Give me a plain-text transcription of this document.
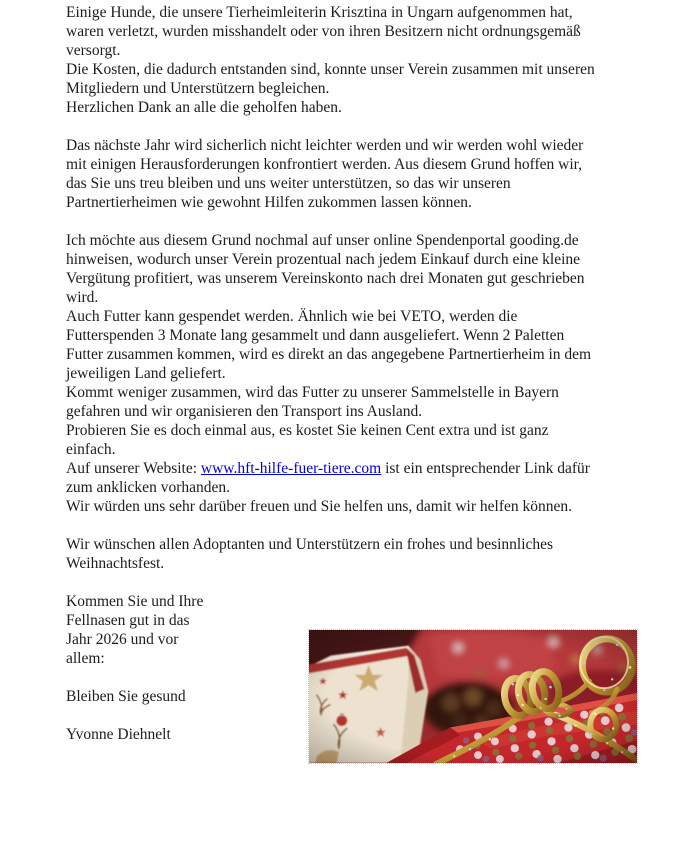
Einige Hunde, die unsere Tierheimleiterin Krisztina in Ungarn aufgenommen hat,
waren verletzt, wurden misshandelt oder von ihren Besitzern nicht ordnungsgemäß
versorgt.
Die Kosten, die dadurch entstanden sind, konnte unser Verein zusammen mit unseren
Mitgliedern und Unterstützern begleichen.
Herzlichen Dank an alle die geholfen haben.
Das nächste Jahr wird sicherlich nicht leichter werden und wir werden wohl wieder
mit einigen Herausforderungen konfrontiert werden. Aus diesem Grund hoffen wir,
das Sie uns treu bleiben und uns weiter unterstützen, so das wir unseren
Partnertierheimen wie gewohnt Hilfen zukommen lassen können.
Ich möchte aus diesem Grund nochmal auf unser online Spendenportal gooding.de
hinweisen, wodurch unser Verein prozentual nach jedem Einkauf durch eine kleine
Vergütung profitiert, was unserem Vereinskonto nach drei Monaten gut geschrieben
wird.
Auch Futter kann gespendet werden. Ähnlich wie bei VETO, werden die
Futterspenden 3 Monate lang gesammelt und dann ausgeliefert. Wenn 2 Paletten
Futter zusammen kommen, wird es direkt an das angegebene Partnertierheim in dem
jeweiligen Land geliefert.
Kommt weniger zusammen, wird das Futter zu unserer Sammelstelle in Bayern
gefahren und wir organisieren den Transport ins Ausland.
Probieren Sie es doch einmal aus, es kostet Sie keinen Cent extra und ist ganz
einfach.
Auf unserer Website: www.hft-hilfe-fuer-tiere.com ist ein entsprechender Link dafür
zum anklicken vorhanden.
Wir würden uns sehr darüber freuen und Sie helfen uns, damit wir helfen können.
Wir wünschen allen Adoptanten und Unterstützern ein frohes und besinnliches
Weihnachtsfest.
Kommen Sie und Ihre
Fellnasen gut in das
Jahr 2026 und vor
allem:
Bleiben Sie gesund
Yvonne Diehnelt
